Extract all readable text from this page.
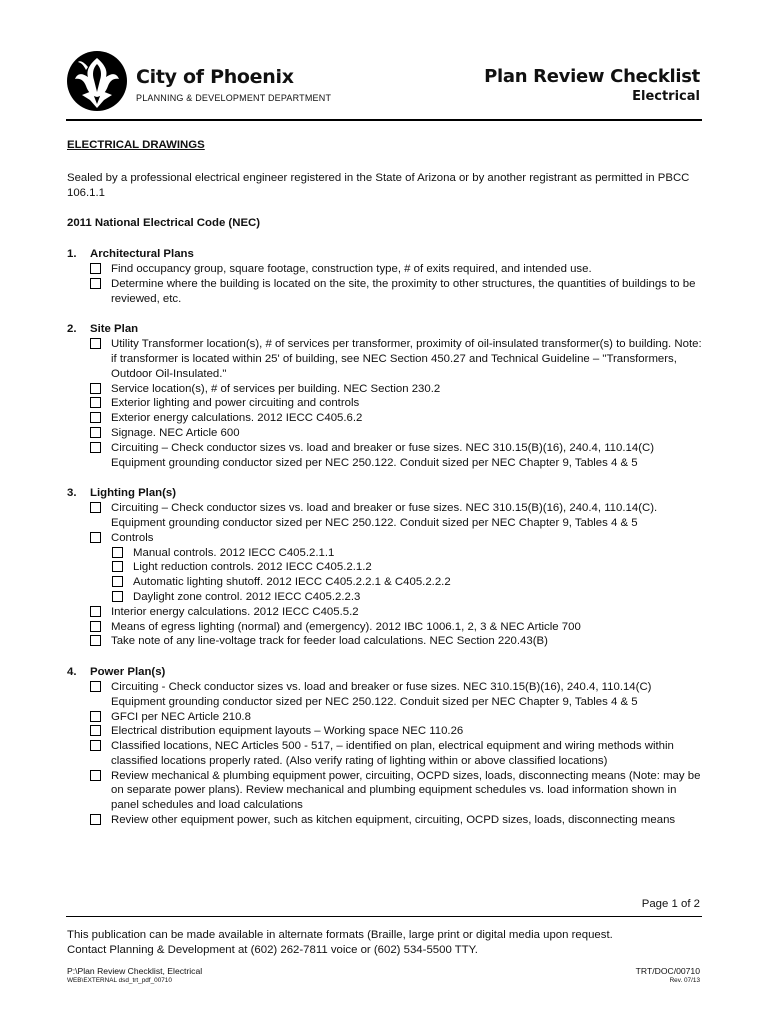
City of Phoenix
PLANNING & DEVELOPMENT DEPARTMENT
Plan Review Checklist
Electrical
ELECTRICAL DRAWINGS
Sealed by a professional electrical engineer registered in the State of Arizona or by another registrant as permitted in PBCC 106.1.1
2011 National Electrical Code (NEC)
1.	Architectural Plans
Find occupancy group, square footage, construction type, # of exits required, and intended use.
Determine where the building is located on the site, the proximity to other structures, the quantities of buildings to be reviewed, etc.
2.	Site Plan
Utility Transformer location(s), # of services per transformer, proximity of oil-insulated transformer(s) to building. Note: if transformer is located within 25' of building, see NEC Section 450.27 and Technical Guideline – "Transformers, Outdoor Oil-Insulated."
Service location(s), # of services per building. NEC Section 230.2
Exterior lighting and power circuiting and controls
Exterior energy calculations. 2012 IECC C405.6.2
Signage. NEC Article 600
Circuiting – Check conductor sizes vs. load and breaker or fuse sizes. NEC 310.15(B)(16), 240.4, 110.14(C) Equipment grounding conductor sized per NEC 250.122. Conduit sized per NEC Chapter 9, Tables 4 & 5
3.	Lighting Plan(s)
Circuiting – Check conductor sizes vs. load and breaker or fuse sizes. NEC 310.15(B)(16), 240.4, 110.14(C). Equipment grounding conductor sized per NEC 250.122. Conduit sized per NEC Chapter 9, Tables 4 & 5
Controls
Manual controls. 2012 IECC C405.2.1.1
Light reduction controls. 2012 IECC C405.2.1.2
Automatic lighting shutoff. 2012 IECC C405.2.2.1 & C405.2.2.2
Daylight zone control. 2012 IECC C405.2.2.3
Interior energy calculations. 2012 IECC C405.5.2
Means of egress lighting (normal) and (emergency). 2012 IBC 1006.1, 2, 3 & NEC Article 700
Take note of any line-voltage track for feeder load calculations. NEC Section 220.43(B)
4.	Power Plan(s)
Circuiting - Check conductor sizes vs. load and breaker or fuse sizes. NEC 310.15(B)(16), 240.4, 110.14(C) Equipment grounding conductor sized per NEC 250.122. Conduit sized per NEC Chapter 9, Tables 4 & 5
GFCI per NEC Article 210.8
Electrical distribution equipment layouts – Working space NEC 110.26
Classified locations, NEC Articles 500 - 517, – identified on plan, electrical equipment and wiring methods within classified locations properly rated. (Also verify rating of lighting within or above classified locations)
Review mechanical & plumbing equipment power, circuiting, OCPD sizes, loads, disconnecting means (Note: may be on separate power plans). Review mechanical and plumbing equipment schedules vs. load information shown in panel schedules and load calculations
Review other equipment power, such as kitchen equipment, circuiting, OCPD sizes, loads, disconnecting means
Page 1 of 2
This publication can be made available in alternate formats (Braille, large print or digital media upon request.
Contact Planning & Development at (602) 262-7811 voice or (602) 534-5500 TTY.
P:\Plan Review Checklist, Electrical
WEB\EXTERNAL dsd_trt_pdf_00710
TRT/DOC/00710
Rev. 07/13
